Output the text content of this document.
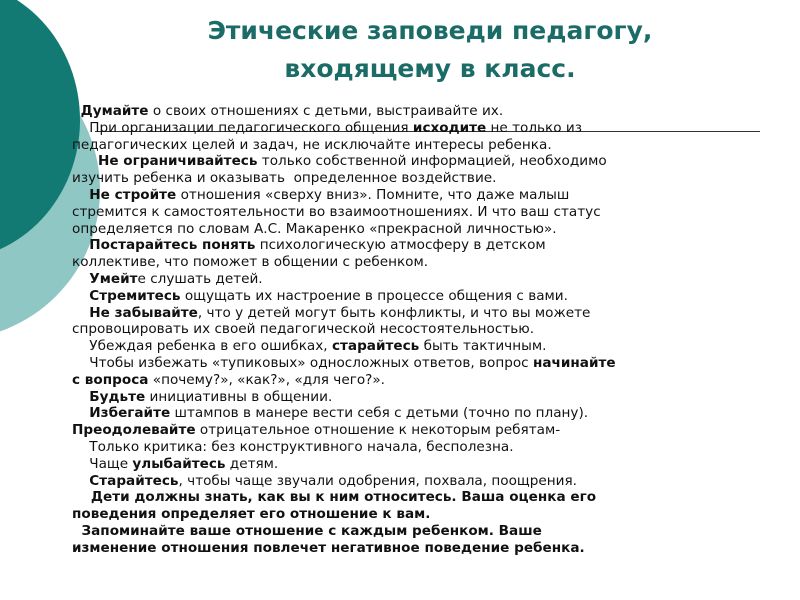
Этические заповеди педагогу,
входящему в класс.
Думайте о своих отношениях с детьми, выстраивайте их.
При организации педагогического общения исходите не только из
педагогических целей и задач, не исключайте интересы ребенка.
Не ограничивайтесь только собственной информацией, необходимо
изучить ребенка и оказывать  определенное воздействие.
Не стройте отношения «сверху вниз». Помните, что даже малыш
стремится к самостоятельности во взаимоотношениях. И что ваш статус
определяется по словам А.С. Макаренко «прекрасной личностью».
Постарайтесь понять психологическую атмосферу в детском
коллективе, что поможет в общении с ребенком.
Умейте слушать детей.
Стремитесь ощущать их настроение в процессе общения с вами.
Не забывайте, что у детей могут быть конфликты, и что вы можете
спровоцировать их своей педагогической несостоятельностью.
Убеждая ребенка в его ошибках, старайтесь быть тактичным.
Чтобы избежать «тупиковых» односложных ответов, вопрос начинайте
с вопроса «почему?», «как?», «для чего?».
Будьте инициативны в общении.
Избегайте штампов в манере вести себя с детьми (точно по плану).
Преодолевайте отрицательное отношение к некоторым ребятам-
Только критика: без конструктивного начала, бесполезна.
Чаще улыбайтесь детям.
Старайтесь, чтобы чаще звучали одобрения, похвала, поощрения.
Дети должны знать, как вы к ним относитесь. Ваша оценка его
поведения определяет его отношение к вам.
Запоминайте ваше отношение с каждым ребенком. Ваше
изменение отношения повлечет негативное поведение ребенка.
